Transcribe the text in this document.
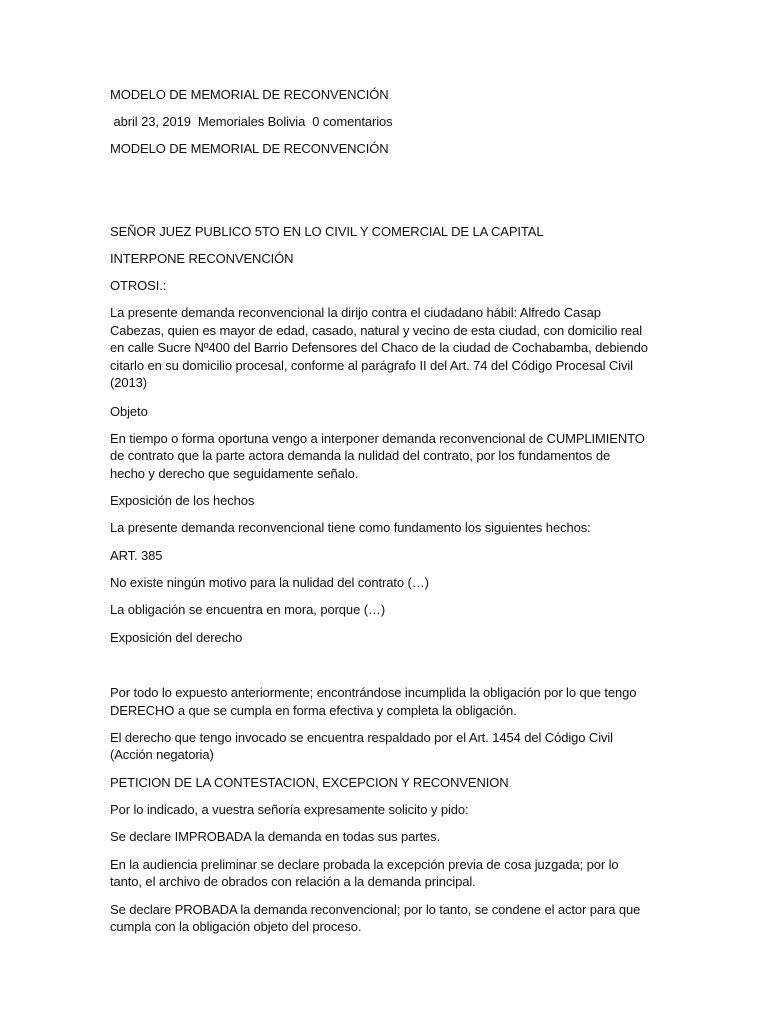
MODELO DE MEMORIAL DE RECONVENCIÓN

abril 23, 2019  Memoriales Bolivia  0 comentarios

MODELO DE MEMORIAL DE RECONVENCIÓN

SEÑOR JUEZ PUBLICO 5TO EN LO CIVIL Y COMERCIAL DE LA CAPITAL

INTERPONE RECONVENCIÓN

OTROSI.:

La presente demanda reconvencional la dirijo contra el ciudadano hábil: Alfredo Casap

Cabezas, quien es mayor de edad, casado, natural y vecino de esta ciudad, con domicilio real

en calle Sucre Nº400 del Barrio Defensores del Chaco de la ciudad de Cochabamba, debiendo

citarlo en su domicilio procesal, conforme al parágrafo II del Art. 74 del Código Procesal Civil

(2013)

Objeto

En tiempo o forma oportuna vengo a interponer demanda reconvencional de CUMPLIMIENTO

de contrato que la parte actora demanda la nulidad del contrato, por los fundamentos de

hecho y derecho que seguidamente señalo.

Exposición de los hechos

La presente demanda reconvencional tiene como fundamento los siguientes hechos:

ART. 385

No existe ningún motivo para la nulidad del contrato (…)

La obligación se encuentra en mora, porque (…)

Exposición del derecho

Por todo lo expuesto anteriormente; encontrándose incumplida la obligación por lo que tengo

DERECHO a que se cumpla en forma efectiva y completa la obligación.

El derecho que tengo invocado se encuentra respaldado por el Art. 1454 del Código Civil

(Acción negatoria)

PETICION DE LA CONTESTACION, EXCEPCION Y RECONVENION

Por lo indicado, a vuestra señoría expresamente solicito y pido:

Se declare IMPROBADA la demanda en todas sus partes.

En la audiencia preliminar se declare probada la excepción previa de cosa juzgada; por lo

tanto, el archivo de obrados con relación a la demanda principal.

Se declare PROBADA la demanda reconvencional; por lo tanto, se condene el actor para que

cumpla con la obligación objeto del proceso.
